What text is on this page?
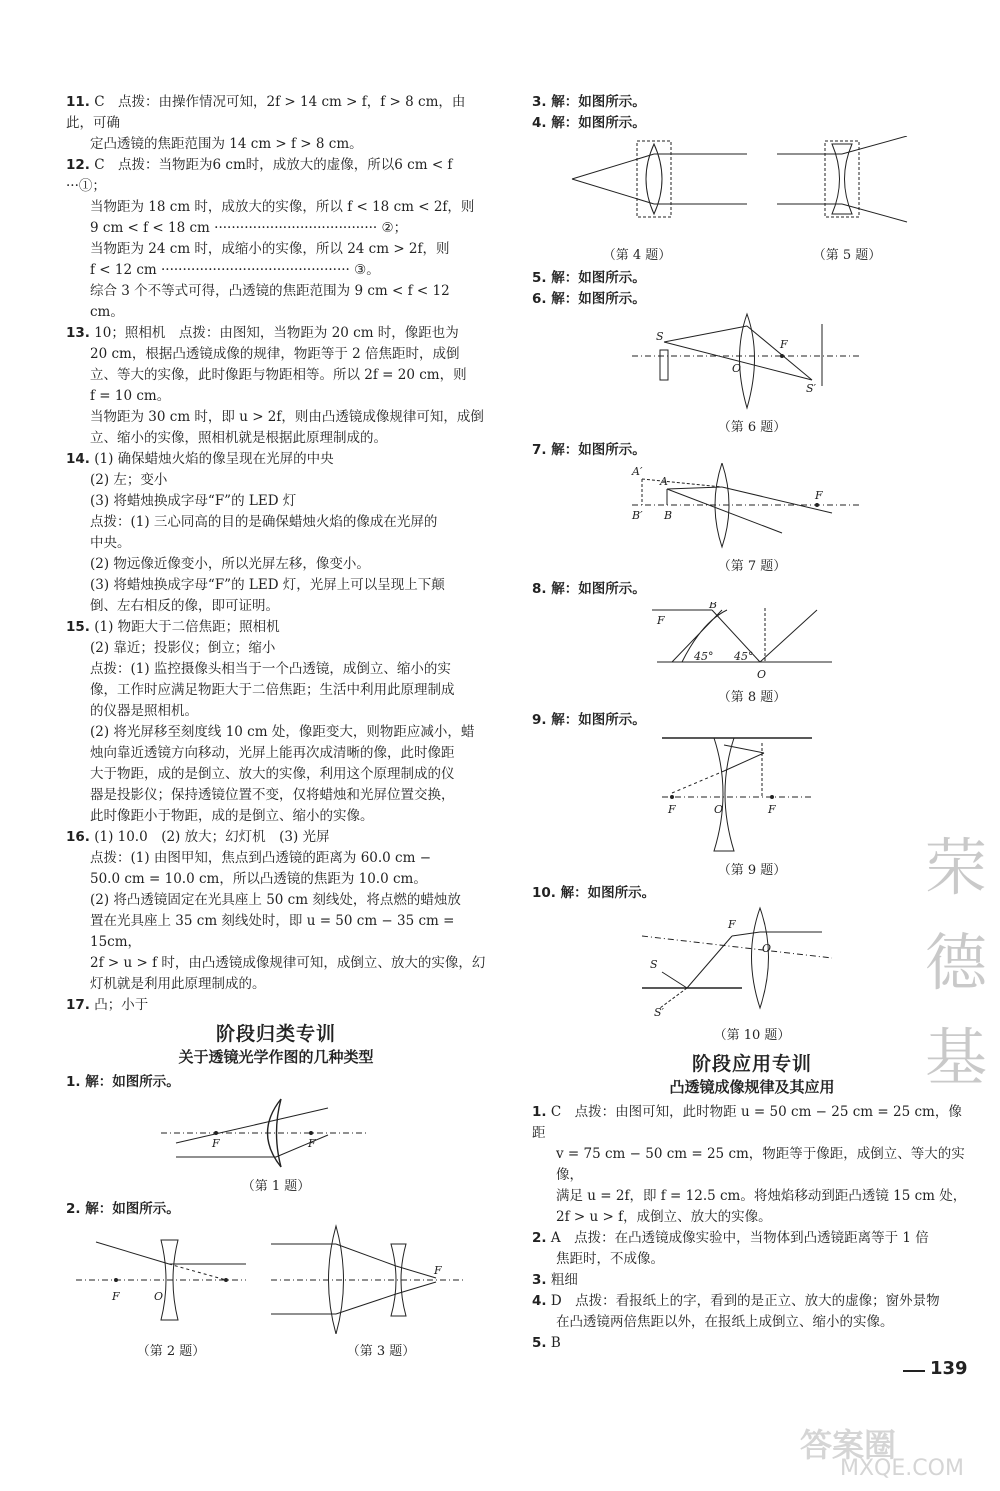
11. C　点拨：由操作情况可知，2f > 14 cm > f，f > 8 cm，由此，可确

定凸透镜的焦距范围为 14 cm > f > 8 cm。

12. C　点拨：当物距为6 cm时，成放大的虚像，所以6 cm < f　···①；

当物距为 18 cm 时，成放大的实像，所以 f < 18 cm < 2f，则

9 cm < f < 18 cm ······································ ②；

当物距为 24 cm 时，成缩小的实像，所以 24 cm > 2f，则

f < 12 cm ············································ ③。

综合 3 个不等式可得，凸透镜的焦距范围为 9 cm < f < 12 cm。

13. 10；照相机　点拨：由图知，当物距为 20 cm 时，像距也为

20 cm，根据凸透镜成像的规律，物距等于 2 倍焦距时，成倒

立、等大的实像，此时像距与物距相等。所以 2f = 20 cm，则

f = 10 cm。

当物距为 30 cm 时，即 u > 2f，则由凸透镜成像规律可知，成倒

立、缩小的实像，照相机就是根据此原理制成的。

14. (1) 确保蜡烛火焰的像呈现在光屏的中央

(2) 左；变小

(3) 将蜡烛换成字母“F”的 LED 灯

点拨：(1) 三心同高的目的是确保蜡烛火焰的像成在光屏的

中央。

(2) 物远像近像变小，所以光屏左移，像变小。

(3) 将蜡烛换成字母“F”的 LED 灯，光屏上可以呈现上下颠

倒、左右相反的像，即可证明。

15. (1) 物距大于二倍焦距；照相机

(2) 靠近；投影仪；倒立；缩小

点拨：(1) 监控摄像头相当于一个凸透镜，成倒立、缩小的实

像，工作时应满足物距大于二倍焦距；生活中利用此原理制成

的仪器是照相机。

(2) 将光屏移至刻度线 10 cm 处，像距变大，则物距应减小，蜡

烛向靠近透镜方向移动，光屏上能再次成清晰的像，此时像距

大于物距，成的是倒立、放大的实像，利用这个原理制成的仪

器是投影仪；保持透镜位置不变，仅将蜡烛和光屏位置交换，

此时像距小于物距，成的是倒立、缩小的实像。

16. (1) 10.0　(2) 放大；幻灯机　(3) 光屏

点拨：(1) 由图甲知，焦点到凸透镜的距离为 60.0 cm −

50.0 cm = 10.0 cm，所以凸透镜的焦距为 10.0 cm。

(2) 将凸透镜固定在光具座上 50 cm 刻线处，将点燃的蜡烛放

置在光具座上 35 cm 刻线处时，即 u = 50 cm − 35 cm = 15cm，

2f > u > f 时，由凸透镜成像规律可知，成倒立、放大的实像，幻

灯机就是利用此原理制成的。

17. 凸；小于

阶段归类专训
关于透镜光学作图的几种类型

1. 解：如图所示。

F	F
（第 1 题）

2. 解：如图所示。

F	O
F
（第 2 题）	（第 3 题）

3. 解：如图所示。

4. 解：如图所示。

（第 4 题）	（第 5 题）

5. 解：如图所示。

6. 解：如图所示。

S
F
O
S′
（第 6 题）

7. 解：如图所示。

A′
A
B′ B
F
（第 7 题）

8. 解：如图所示。

F
B
45° 45°
O
（第 8 题）

9. 解：如图所示。

F	O	F
（第 9 题）

10. 解：如图所示。

F
O
S
S′
（第 10 题）
阶段应用专训
凸透镜成像规律及其应用

1. C　点拨：由图可知，此时物距 u = 50 cm − 25 cm = 25 cm，像距

v = 75 cm − 50 cm = 25 cm，物距等于像距，成倒立、等大的实像，

满足 u = 2f，即 f = 12.5 cm。将烛焰移动到距凸透镜 15 cm 处，

2f > u > f，成倒立、放大的实像。

2. A　点拨：在凸透镜成像实验中，当物体到凸透镜距离等于 1 倍

焦距时，不成像。

3. 粗细

4. D　点拨：看报纸上的字，看到的是正立、放大的虚像；窗外景物

在凸透镜两倍焦距以外，在报纸上成倒立、缩小的实像。

5. B

荣
德
基
答案圈
MXQE.COM
139
